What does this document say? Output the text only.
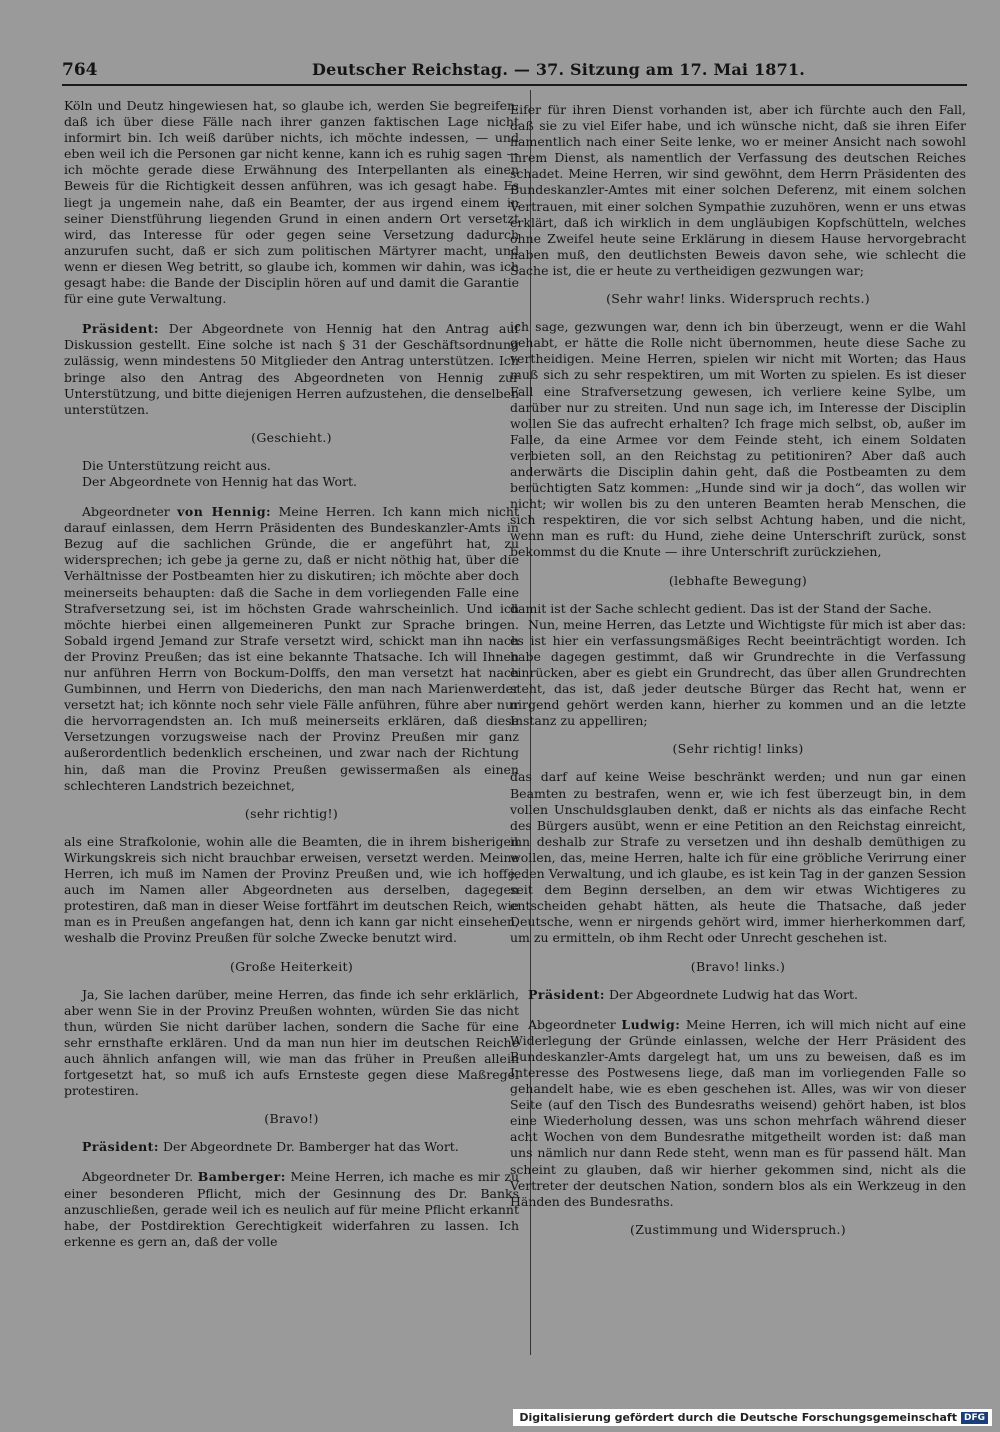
764	Deutscher Reichstag. — 37. Sitzung am 17. Mai 1871.

Köln und Deutz hingewiesen hat, so glaube ich, werden Sie begreifen, daß ich über diese Fälle nach ihrer ganzen faktischen Lage nicht informirt bin. Ich weiß darüber nichts, ich möchte indessen, — und eben weil ich die Personen gar nicht kenne, kann ich es ruhig sagen — ich möchte gerade diese Erwähnung des Interpellanten als einen Beweis für die Richtigkeit dessen anführen, was ich gesagt habe. Es liegt ja ungemein nahe, daß ein Beamter, der aus irgend einem in seiner Dienstführung liegenden Grund in einen andern Ort versetzt wird, das Interesse für oder gegen seine Versetzung dadurch anzurufen sucht, daß er sich zum politischen Märtyrer macht, und wenn er diesen Weg betritt, so glaube ich, kommen wir dahin, was ich gesagt habe: die Bande der Disciplin hören auf und damit die Garantie für eine gute Verwaltung.

Präsident: Der Abgeordnete von Hennig hat den Antrag auf Diskussion gestellt. Eine solche ist nach § 31 der Geschäftsordnung zulässig, wenn mindestens 50 Mitglieder den Antrag unterstützen. Ich bringe also den Antrag des Abgeordneten von Hennig zur Unterstützung, und bitte diejenigen Herren aufzustehen, die denselben unterstützen.

(Geschieht.)

Die Unterstützung reicht aus.

Der Abgeordnete von Hennig hat das Wort.

Abgeordneter von Hennig: Meine Herren. Ich kann mich nicht darauf einlassen, dem Herrn Präsidenten des Bundeskanzler-Amts in Bezug auf die sachlichen Gründe, die er angeführt hat, zu widersprechen; ich gebe ja gerne zu, daß er nicht nöthig hat, über die Verhältnisse der Postbeamten hier zu diskutiren; ich möchte aber doch meinerseits behaupten: daß die Sache in dem vorliegenden Falle eine Strafversetzung sei, ist im höchsten Grade wahrscheinlich. Und ich möchte hierbei einen allgemeineren Punkt zur Sprache bringen. Sobald irgend Jemand zur Strafe versetzt wird, schickt man ihn nach der Provinz Preußen; das ist eine bekannte Thatsache. Ich will Ihnen nur anführen Herrn von Bockum-Dolffs, den man versetzt hat nach Gumbinnen, und Herrn von Diederichs, den man nach Marienwerder versetzt hat; ich könnte noch sehr viele Fälle anführen, führe aber nur die hervorragendsten an. Ich muß meinerseits erklären, daß diese Versetzungen vorzugsweise nach der Provinz Preußen mir ganz außerordentlich bedenklich erscheinen, und zwar nach der Richtung hin, daß man die Provinz Preußen gewissermaßen als einen schlechteren Landstrich bezeichnet,

(sehr richtig!)

als eine Strafkolonie, wohin alle die Beamten, die in ihrem bisherigen Wirkungskreis sich nicht brauchbar erweisen, versetzt werden. Meine Herren, ich muß im Namen der Provinz Preußen und, wie ich hoffe, auch im Namen aller Abgeordneten aus derselben, dagegen protestiren, daß man in dieser Weise fortfährt im deutschen Reich, wie man es in Preußen angefangen hat, denn ich kann gar nicht einsehen, weshalb die Provinz Preußen für solche Zwecke benutzt wird.

(Große Heiterkeit)

Ja, Sie lachen darüber, meine Herren, das finde ich sehr erklärlich, aber wenn Sie in der Provinz Preußen wohnten, würden Sie das nicht thun, würden Sie nicht darüber lachen, sondern die Sache für eine sehr ernsthafte erklären. Und da man nun hier im deutschen Reiche auch ähnlich anfangen will, wie man das früher in Preußen allein fortgesetzt hat, so muß ich aufs Ernsteste gegen diese Maßregel protestiren.

(Bravo!)

Präsident: Der Abgeordnete Dr. Bamberger hat das Wort.

Abgeordneter Dr. Bamberger: Meine Herren, ich mache es mir zu einer besonderen Pflicht, mich der Gesinnung des Dr. Banks anzuschließen, gerade weil ich es neulich auf für meine Pflicht erkannt habe, der Postdirektion Gerechtigkeit widerfahren zu lassen. Ich erkenne es gern an, daß der volle

Eifer für ihren Dienst vorhanden ist, aber ich fürchte auch den Fall, daß sie zu viel Eifer habe, und ich wünsche nicht, daß sie ihren Eifer namentlich nach einer Seite lenke, wo er meiner Ansicht nach sowohl ihrem Dienst, als namentlich der Verfassung des deutschen Reiches schadet. Meine Herren, wir sind gewöhnt, dem Herrn Präsidenten des Bundeskanzler-Amtes mit einer solchen Deferenz, mit einem solchen Vertrauen, mit einer solchen Sympathie zuzuhören, wenn er uns etwas erklärt, daß ich wirklich in dem ungläubigen Kopfschütteln, welches ohne Zweifel heute seine Erklärung in diesem Hause hervorgebracht haben muß, den deutlichsten Beweis davon sehe, wie schlecht die Sache ist, die er heute zu vertheidigen gezwungen war;

(Sehr wahr! links. Widerspruch rechts.)

ich sage, gezwungen war, denn ich bin überzeugt, wenn er die Wahl gehabt, er hätte die Rolle nicht übernommen, heute diese Sache zu vertheidigen. Meine Herren, spielen wir nicht mit Worten; das Haus muß sich zu sehr respektiren, um mit Worten zu spielen. Es ist dieser Fall eine Strafversetzung gewesen, ich verliere keine Sylbe, um darüber nur zu streiten. Und nun sage ich, im Interesse der Disciplin wollen Sie das aufrecht erhalten? Ich frage mich selbst, ob, außer im Falle, da eine Armee vor dem Feinde steht, ich einem Soldaten verbieten soll, an den Reichstag zu petitioniren? Aber daß auch anderwärts die Disciplin dahin geht, daß die Postbeamten zu dem berüchtigten Satz kommen: „Hunde sind wir ja doch“, das wollen wir nicht; wir wollen bis zu den unteren Beamten herab Menschen, die sich respektiren, die vor sich selbst Achtung haben, und die nicht, wenn man es ruft: du Hund, ziehe deine Unterschrift zurück, sonst bekommst du die Knute — ihre Unterschrift zurückziehen,

(lebhafte Bewegung)

damit ist der Sache schlecht gedient. Das ist der Stand der Sache.

Nun, meine Herren, das Letzte und Wichtigste für mich ist aber das: es ist hier ein verfassungsmäßiges Recht beeinträchtigt worden. Ich habe dagegen gestimmt, daß wir Grundrechte in die Verfassung einrücken, aber es giebt ein Grundrecht, das über allen Grundrechten steht, das ist, daß jeder deutsche Bürger das Recht hat, wenn er nirgend gehört werden kann, hierher zu kommen und an die letzte Instanz zu appelliren;

(Sehr richtig! links)

das darf auf keine Weise beschränkt werden; und nun gar einen Beamten zu bestrafen, wenn er, wie ich fest überzeugt bin, in dem vollen Unschuldsglauben denkt, daß er nichts als das einfache Recht des Bürgers ausübt, wenn er eine Petition an den Reichstag einreicht, ihn deshalb zur Strafe zu versetzen und ihn deshalb demüthigen zu wollen, das, meine Herren, halte ich für eine gröbliche Verirrung einer jeden Verwaltung, und ich glaube, es ist kein Tag in der ganzen Session seit dem Beginn derselben, an dem wir etwas Wichtigeres zu entscheiden gehabt hätten, als heute die Thatsache, daß jeder Deutsche, wenn er nirgends gehört wird, immer hierherkommen darf, um zu ermitteln, ob ihm Recht oder Unrecht geschehen ist.

(Bravo! links.)

Präsident: Der Abgeordnete Ludwig hat das Wort.

Abgeordneter Ludwig: Meine Herren, ich will mich nicht auf eine Widerlegung der Gründe einlassen, welche der Herr Präsident des Bundeskanzler-Amts dargelegt hat, um uns zu beweisen, daß es im Interesse des Postwesens liege, daß man im vorliegenden Falle so gehandelt habe, wie es eben geschehen ist. Alles, was wir von dieser Seite (auf den Tisch des Bundesraths weisend) gehört haben, ist blos eine Wiederholung dessen, was uns schon mehrfach während dieser acht Wochen von dem Bundesrathe mitgetheilt worden ist: daß man uns nämlich nur dann Rede steht, wenn man es für passend hält. Man scheint zu glauben, daß wir hierher gekommen sind, nicht als die Vertreter der deutschen Nation, sondern blos als ein Werkzeug in den Händen des Bundesraths.

(Zustimmung und Widerspruch.)
Digitalisierung gefördert durch die Deutsche Forschungsgemeinschaft DFG
